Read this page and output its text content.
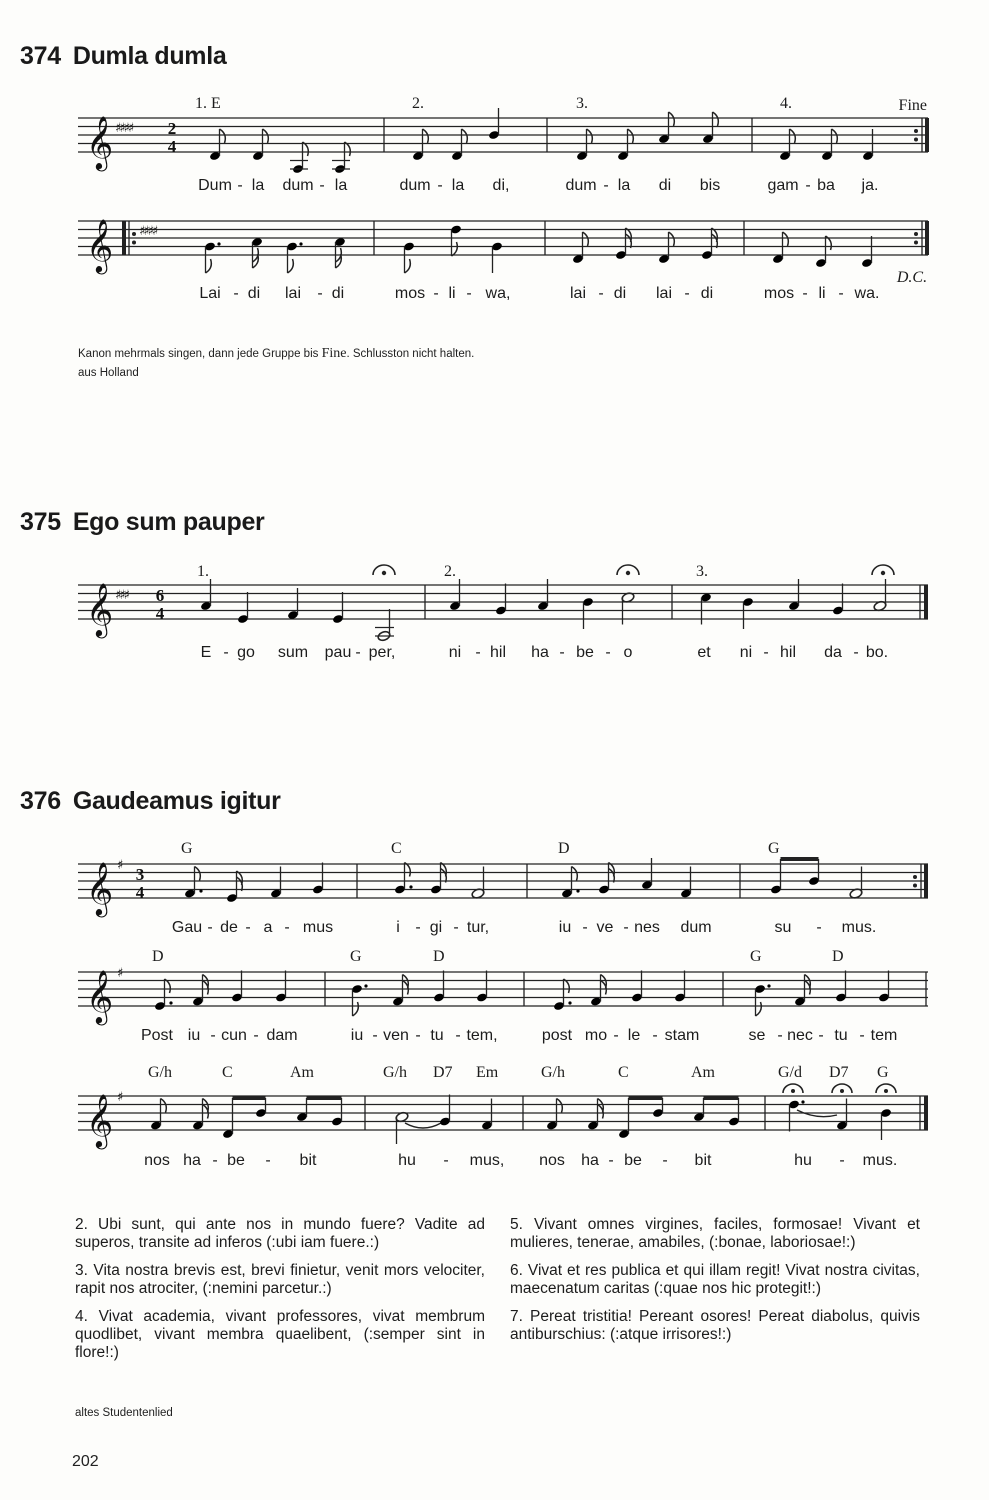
374 Dumla dumla
𝄞 ♯♯♯♯ 2
4
1. E	2.	3.	4.	Fine
Dum - la dum - la	dum - la di,	dum - la di bis	gam - ba ja.
𝄞 ♯♯♯♯
D.C.
Lai - di lai - di	mos - li - wa,	lai - di lai - di	mos - li - wa.
Kanon mehrmals singen, dann jede Gruppe bis Fine. Schlusston nicht halten.
aus Holland
375 Ego sum pauper
𝄞 ♯♯♯ 6
4
1.	2.	3.
E - go sum pau - per,	ni - hil ha - be - o	et ni - hil da - bo.
376 Gaudeamus igitur
𝄞 ♯ 3
4
G	C	D	G
Gau - de - a - mus	i - gi - tur,	iu - ve - nes dum	su - mus.
𝄞 ♯
D	G	D	G	D
Post iu - cun - dam	iu - ven - tu - tem,	post mo - le - stam	se - nec - tu - tem
𝄞 ♯
G/h	C	Am	G/h D7 Em	G/h	C	Am	G/d D7 G
nos ha - be - bit	hu - mus, nos ha - be - bit	hu - mus.

2. Ubi sunt, qui ante nos in mundo fuere? Vadite ad superos, transite ad inferos (:ubi iam fuere.:)

3. Vita nostra brevis est, brevi finietur, venit mors velociter, rapit nos atrociter, (:nemini parcetur.:)

4. Vivat academia, vivant professores, vivat membrum quodlibet, vivant membra quaelibent, (:semper sint in flore!:)

5. Vivant omnes virgines, faciles, formosae! Vivant et mulieres, tenerae, amabiles, (:bonae, laboriosae!:)

6. Vivat et res publica et qui illam regit! Vivat nostra civitas, maecenatum caritas (:quae nos hic protegit!:)

7. Pereat tristitia! Pereant osores! Pereat diabolus, quivis antiburschius: (:atque irrisores!:)

altes Studentenlied
202
